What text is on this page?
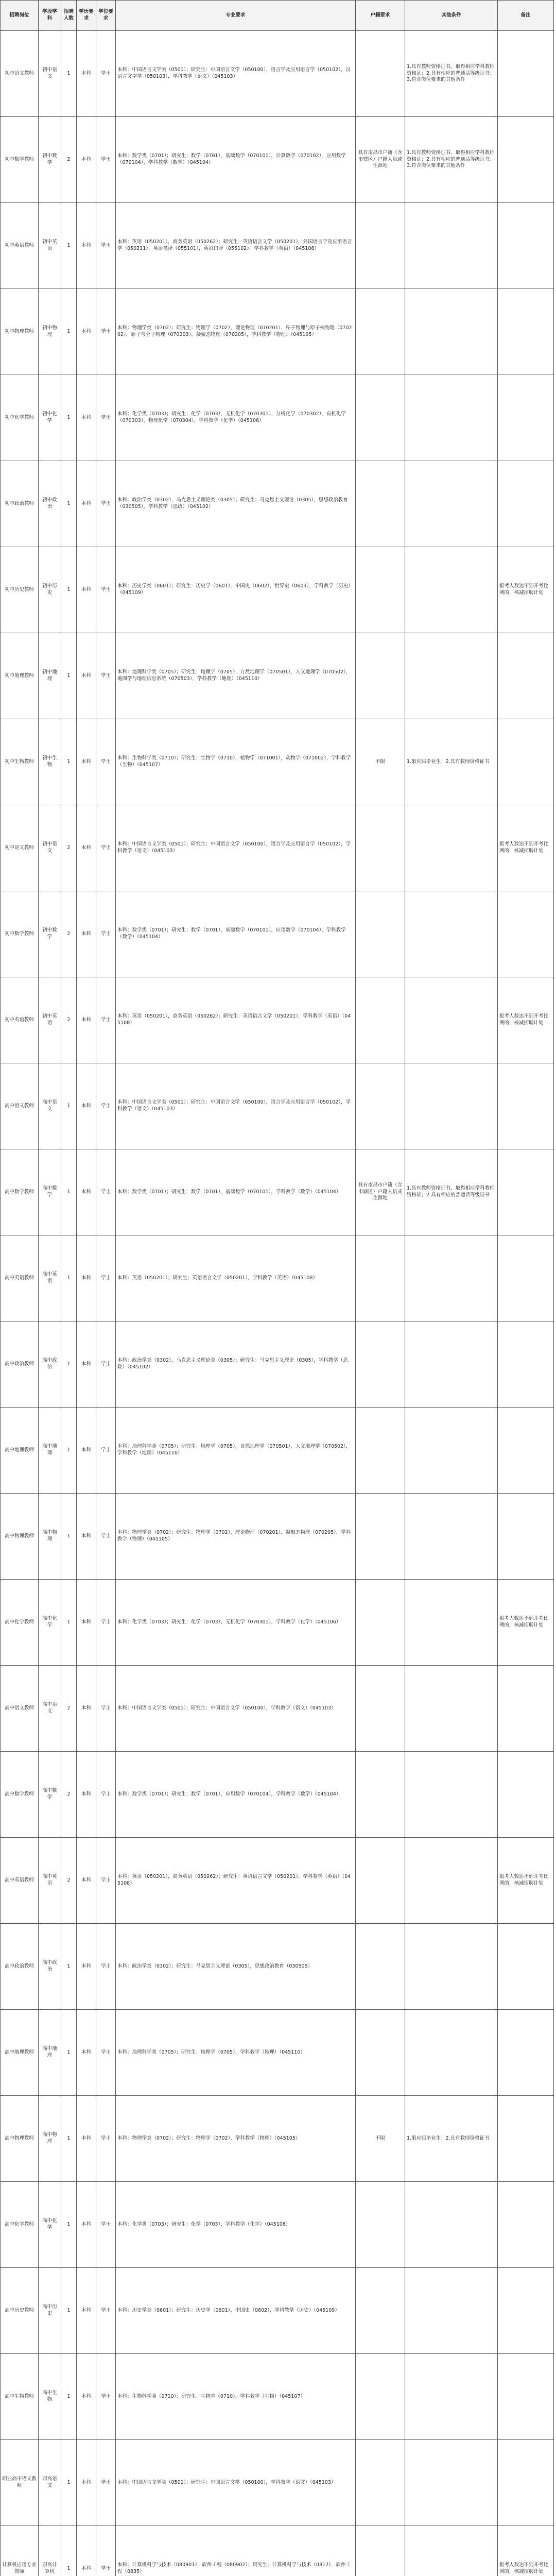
招聘岗位	学段学科	招聘人数	学历要求	学位要求	专业要求	户籍要求	其他条件	备注
初中语文教师	初中语文	1	本科	学士	本科：中国语言文学类（0501）；研究生：中国语言文学（050100），语言学及应用语言学（050102），汉语言文字学（050103），学科教学（语文）（045103）		1.具有教师资格证书，取得相应学科教师资格证；2.具有相应的普通话等级证书；3.符合岗位要求的其他条件	
初中数学教师	初中数学	2	本科	学士	本科：数学类（0701）；研究生：数学（0701），基础数学（070101），计算数学（070102），应用数学（070104），学科教学（数学）（045104）	具有南昌市户籍（含市辖区）户籍人员或生源地	1.具有教师资格证书，取得相应学科教师资格证；2.具有相应的普通话等级证书；3.符合岗位要求的其他条件	
初中英语教师	初中英语	1	本科	学士	本科：英语（050201），商务英语（050262）；研究生：英语语言文学（050201），外国语言学及应用语言学（050211），英语笔译（055101），英语口译（055102），学科教学（英语）（045108）			
初中物理教师	初中物理	1	本科	学士	本科：物理学类（0702）；研究生：物理学（0702），理论物理（070201），粒子物理与原子核物理（070202），原子与分子物理（070203），凝聚态物理（070205），学科教学（物理）（045105）			
初中化学教师	初中化学	1	本科	学士	本科：化学类（0703）；研究生：化学（0703），无机化学（070301），分析化学（070302），有机化学（070303），物理化学（070304），学科教学（化学）（045106）			
初中政治教师	初中政治	1	本科	学士	本科：政治学类（0302），马克思主义理论类（0305）；研究生：马克思主义理论（0305），思想政治教育（030505），学科教学（思政）（045102）			
初中历史教师	初中历史	1	本科	学士	本科：历史学类（0601）；研究生：历史学（0601），中国史（0602），世界史（0603），学科教学（历史）（045109）			报考人数达不到开考比例的，核减招聘计划
初中地理教师	初中地理	1	本科	学士	本科：地理科学类（0705）；研究生：地理学（0705），自然地理学（070501），人文地理学（070502），地图学与地理信息系统（070503），学科教学（地理）（045110）			
初中生物教师	初中生物	1	本科	学士	本科：生物科学类（0710）；研究生：生物学（0710），植物学（071001），动物学（071002），学科教学（生物）（045107）	不限	1.限应届毕业生；2.具有教师资格证书	
初中语文教师	初中语文	2	本科	学士	本科：中国语言文学类（0501）；研究生：中国语言文学（050100），语言学及应用语言学（050102），学科教学（语文）（045103）			报考人数达不到开考比例的，核减招聘计划
初中数学教师	初中数学	2	本科	学士	本科：数学类（0701）；研究生：数学（0701），基础数学（070101），应用数学（070104），学科教学（数学）（045104）			
初中英语教师	初中英语	2	本科	学士	本科：英语（050201），商务英语（050262）；研究生：英语语言文学（050201），学科教学（英语）（045108）			报考人数达不到开考比例的，核减招聘计划
高中语文教师	高中语文	1	本科	学士	本科：中国语言文学类（0501）；研究生：中国语言文学（050100），语言学及应用语言学（050102），学科教学（语文）（045103）			
高中数学教师	高中数学	1	本科	学士	本科：数学类（0701）；研究生：数学（0701），基础数学（070101），学科教学（数学）（045104）	具有南昌市户籍（含市辖区）户籍人员或生源地	1.具有教师资格证书，取得相应学科教师资格证；2.具有相应的普通话等级证书	
高中英语教师	高中英语	1	本科	学士	本科：英语（050201）；研究生：英语语言文学（050201），学科教学（英语）（045108）			
高中政治教师	高中政治	1	本科	学士	本科：政治学类（0302），马克思主义理论类（0305）；研究生：马克思主义理论（0305），学科教学（思政）（045102）			
高中地理教师	高中地理	1	本科	学士	本科：地理科学类（0705）；研究生：地理学（0705），自然地理学（070501），人文地理学（070502），学科教学（地理）（045110）			
高中物理教师	高中物理	1	本科	学士	本科：物理学类（0702）；研究生：物理学（0702），理论物理（070201），凝聚态物理（070205），学科教学（物理）（045105）			
高中化学教师	高中化学	1	本科	学士	本科：化学类（0703）；研究生：化学（0703），无机化学（070301），学科教学（化学）（045106）			报考人数达不到开考比例的，核减招聘计划
高中语文教师	高中语文	2	本科	学士	本科：中国语言文学类（0501）；研究生：中国语言文学（050100），学科教学（语文）（045103）			
高中数学教师	高中数学	2	本科	学士	本科：数学类（0701）；研究生：数学（0701），应用数学（070104），学科教学（数学）（045104）			
高中英语教师	高中英语	2	本科	学士	本科：英语（050201），商务英语（050262）；研究生：英语语言文学（050201），学科教学（英语）（045108）			报考人数达不到开考比例的，核减招聘计划
高中政治教师	高中政治	1	本科	学士	本科：政治学类（0302）；研究生：马克思主义理论（0305），思想政治教育（030505）			
高中地理教师	高中地理	1	本科	学士	本科：地理科学类（0705）；研究生：地理学（0705），学科教学（地理）（045110）			
高中物理教师	高中物理	1	本科	学士	本科：物理学类（0702）；研究生：物理学（0702），学科教学（物理）（045105）	不限	1.限应届毕业生；2.具有教师资格证书	
高中化学教师	高中化学	1	本科	学士	本科：化学类（0703）；研究生：化学（0703），学科教学（化学）（045106）			
高中历史教师	高中历史	1	本科	学士	本科：历史学类（0601）；研究生：历史学（0601），中国史（0602），学科教学（历史）（045109）			
高中生物教师	高中生物	1	本科	学士	本科：生物科学类（0710）；研究生：生物学（0710），学科教学（生物）（045107）			
职业高中语文教师	职高语文	1	本科	学士	本科：中国语言文学类（0501）；研究生：中国语言文学（050100），学科教学（语文）（045103）			
计算机应用专业教师	职高计算机	1	本科	学士	本科：计算机科学与技术（080901），软件工程（080902）；研究生：计算机科学与技术（0812），软件工程（0835）			报考人数达不到开考比例的，核减招聘计划
